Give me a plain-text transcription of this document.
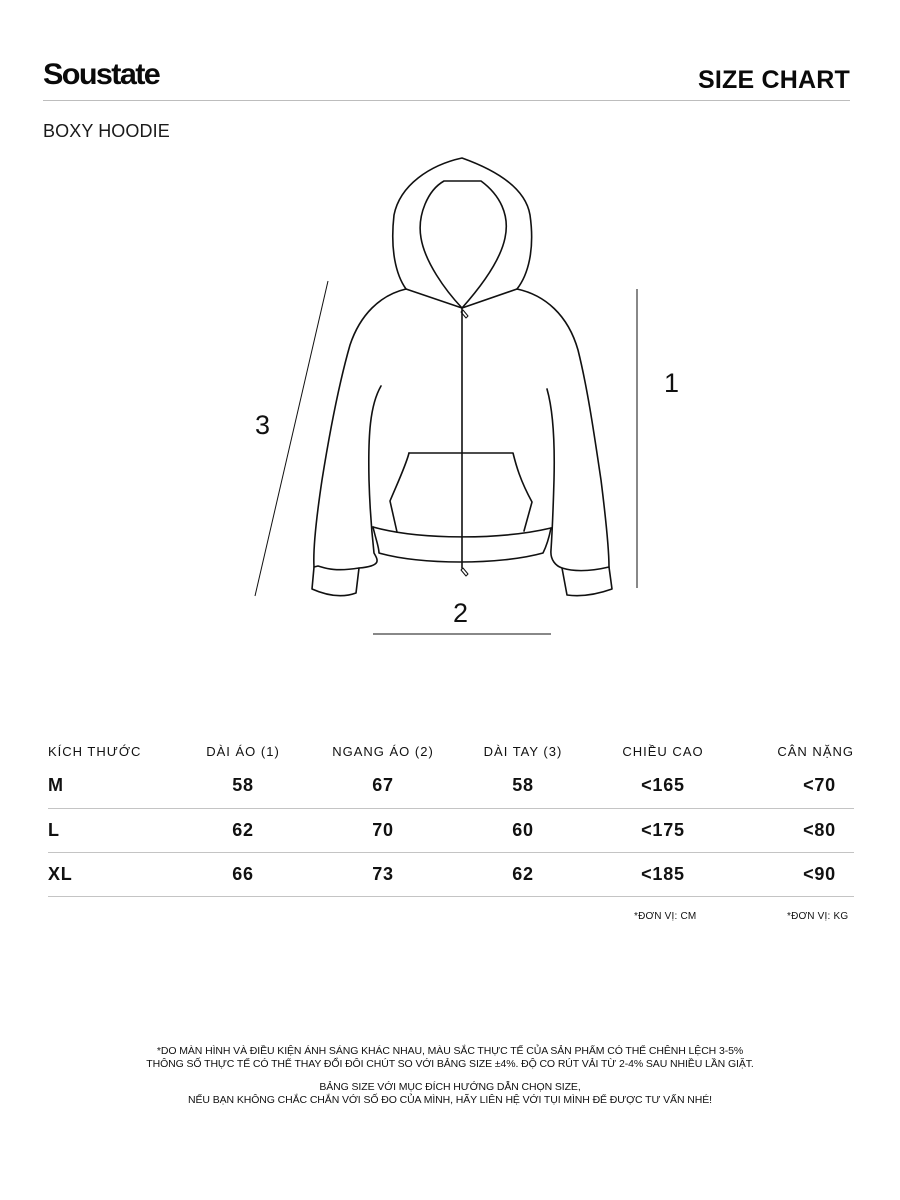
Soustate	SIZE CHART
BOXY HOODIE
1
2
3
KÍCH THƯỚC	DÀI ÁO (1)	NGANG ÁO (2)	DÀI TAY (3)	CHIỀU CAO	CÂN NẶNG
M	58	67	58	<165	<70
L	62	70	60	<175	<80
XL	66	73	62	<185	<90
*ĐƠN VỊ: CM	*ĐƠN VỊ: KG
*DO MÀN HÌNH VÀ ĐIỀU KIỆN ÁNH SÁNG KHÁC NHAU, MÀU SẮC THỰC TẾ CỦA SẢN PHẨM CÓ THỂ CHÊNH LỆCH 3-5%
THÔNG SỐ THỰC TẾ CÓ THỂ THAY ĐỔI ĐÔI CHÚT SO VỚI BẢNG SIZE ±4%. ĐỘ CO RÚT VẢI TỪ 2-4% SAU NHIỀU LẦN GIẶT.
BẢNG SIZE VỚI MỤC ĐÍCH HƯỚNG DẪN CHỌN SIZE,
NẾU BẠN KHÔNG CHẮC CHẮN VỚI SỐ ĐO CỦA MÌNH, HÃY LIÊN HỆ VỚI TỤI MÌNH ĐỂ ĐƯỢC TƯ VẤN NHÉ!
